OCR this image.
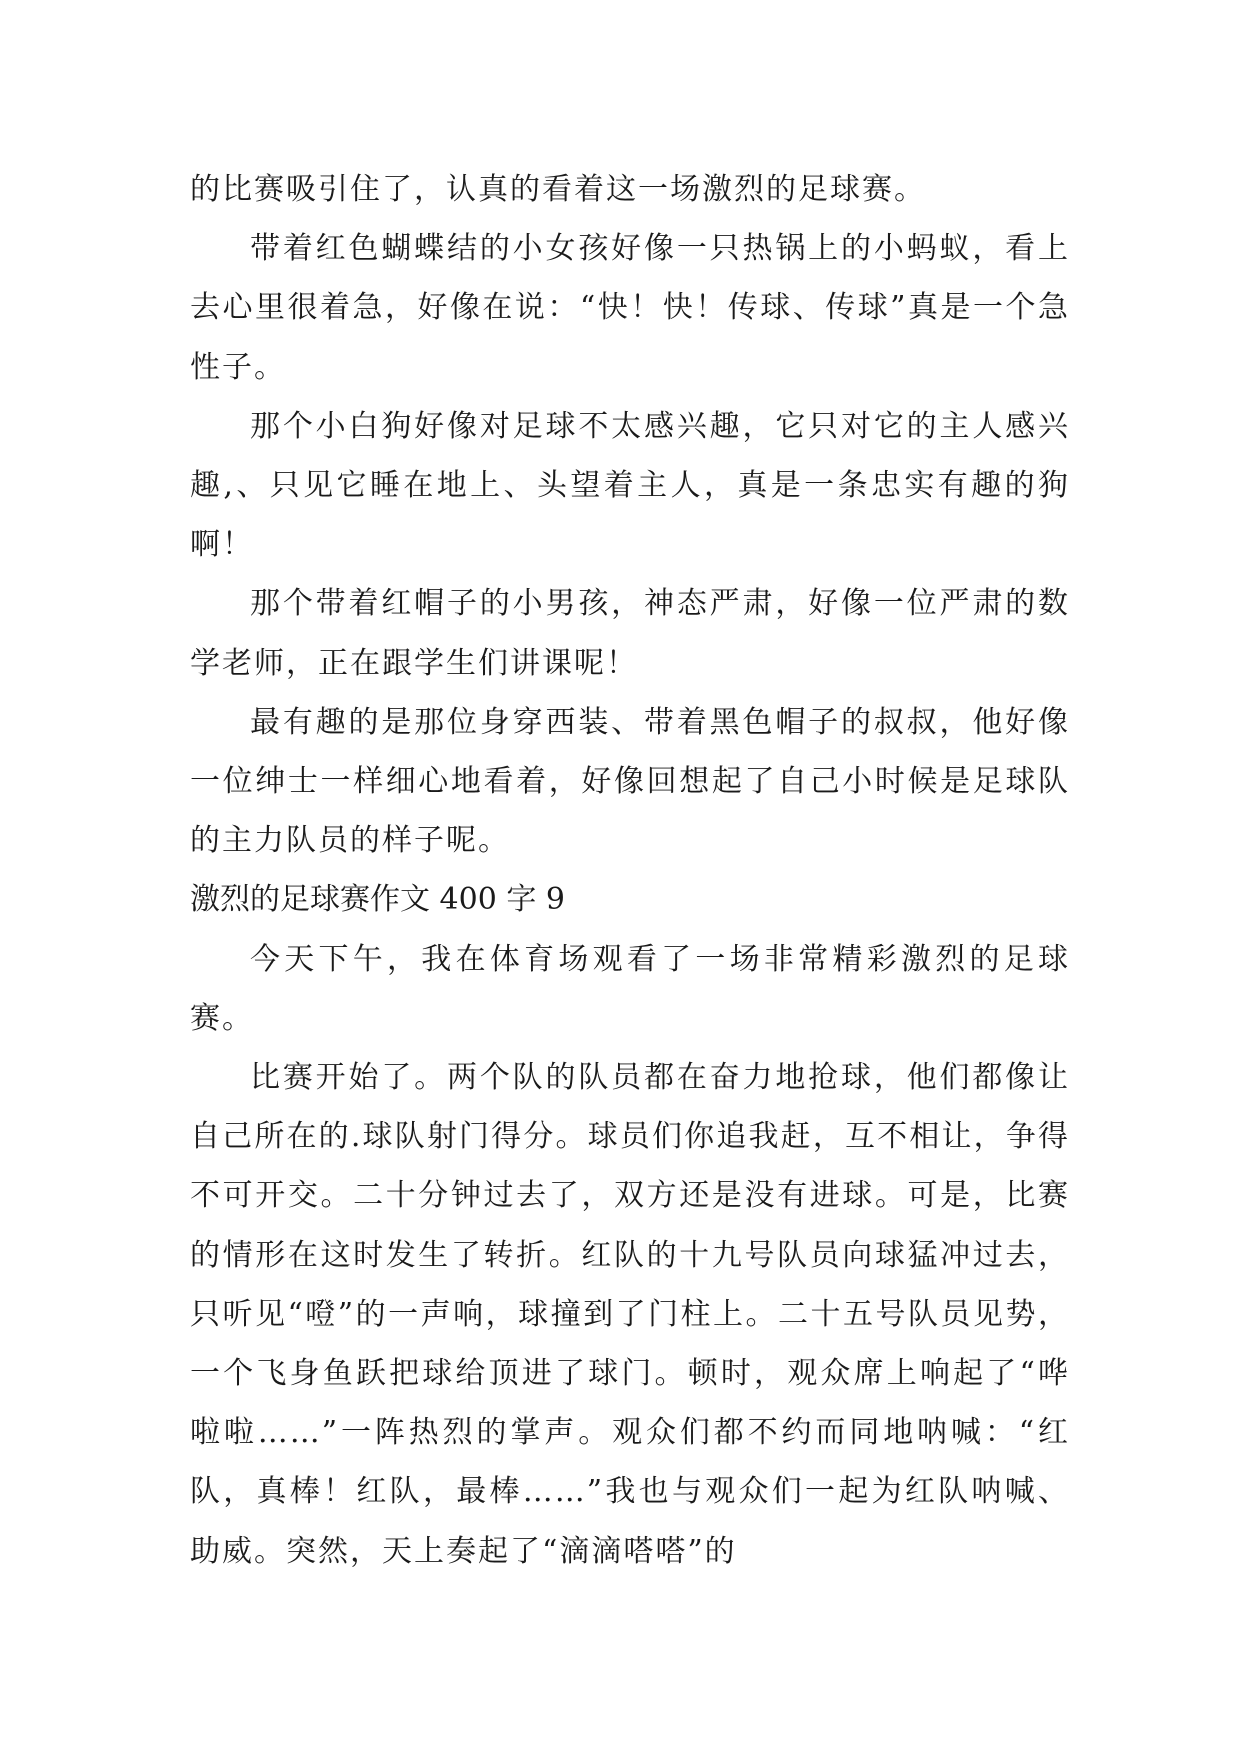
的比赛吸引住了，认真的看着这一场激烈的足球赛。

带着红色蝴蝶结的小女孩好像一只热锅上的小蚂蚁，看上去心里很着急，好像在说：“快！快！传球、传球”真是一个急性子。

那个小白狗好像对足球不太感兴趣，它只对它的主人感兴趣,、只见它睡在地上、头望着主人，真是一条忠实有趣的狗啊！

那个带着红帽子的小男孩，神态严肃，好像一位严肃的数学老师，正在跟学生们讲课呢！

最有趣的是那位身穿西装、带着黑色帽子的叔叔，他好像一位绅士一样细心地看着，好像回想起了自己小时候是足球队的主力队员的样子呢。

激烈的足球赛作文 400 字 9

今天下午，我在体育场观看了一场非常精彩激烈的足球赛。

比赛开始了。两个队的队员都在奋力地抢球，他们都像让自己所在的.球队射门得分。球员们你追我赶，互不相让，争得不可开交。二十分钟过去了，双方还是没有进球。可是，比赛的情形在这时发生了转折。红队的十九号队员向球猛冲过去，只听见“噔”的一声响，球撞到了门柱上。二十五号队员见势，一个飞身鱼跃把球给顶进了球门。顿时，观众席上响起了“哗啦啦……”一阵热烈的掌声。观众们都不约而同地呐喊：“红队，真棒！红队，最棒……”我也与观众们一起为红队呐喊、助威。突然，天上奏起了“滴滴嗒嗒”的
